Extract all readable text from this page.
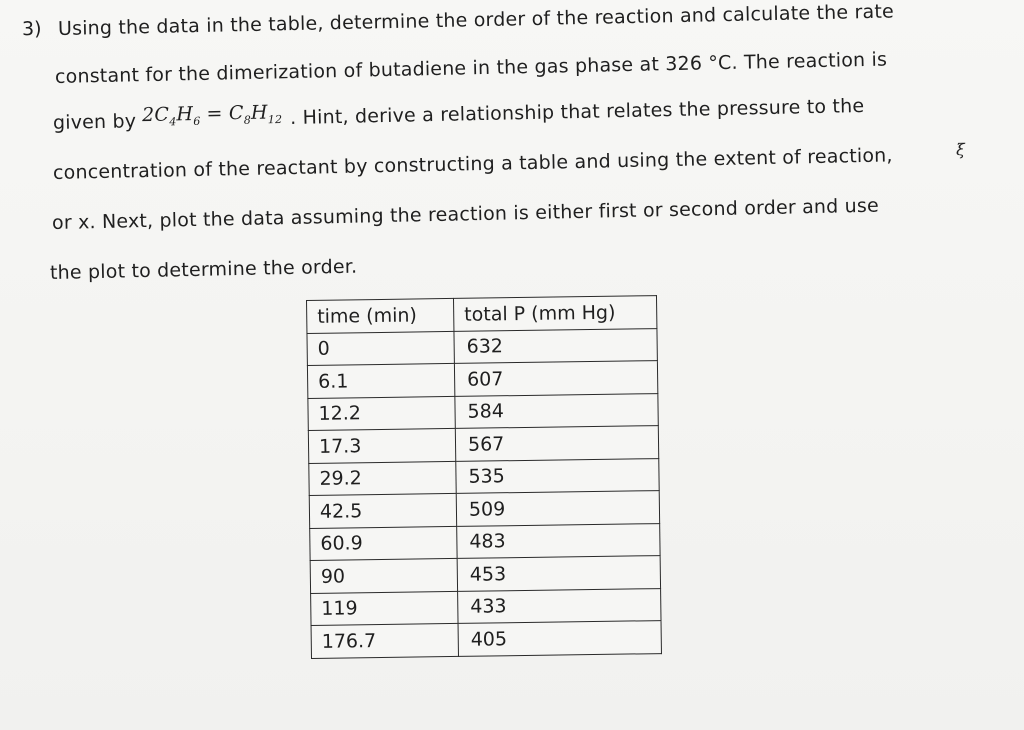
3) Using the data in the table, determine the order of the reaction and calculate the rate
constant for the dimerization of butadiene in the gas phase at 326 °C. The reaction is
given by $2C_4H_6 = C_8H_{12}$ . Hint, derive a relationship that relates the pressure to the
concentration of the reactant by constructing a table and using the extent of reaction,	ξ
or x. Next, plot the data assuming the reaction is either first or second order and use
the plot to determine the order.
time (min)	total P (mm Hg)
0	632
6.1	607
12.2	584
17.3	567
29.2	535
42.5	509
60.9	483
90	453
119	433
176.7	405
